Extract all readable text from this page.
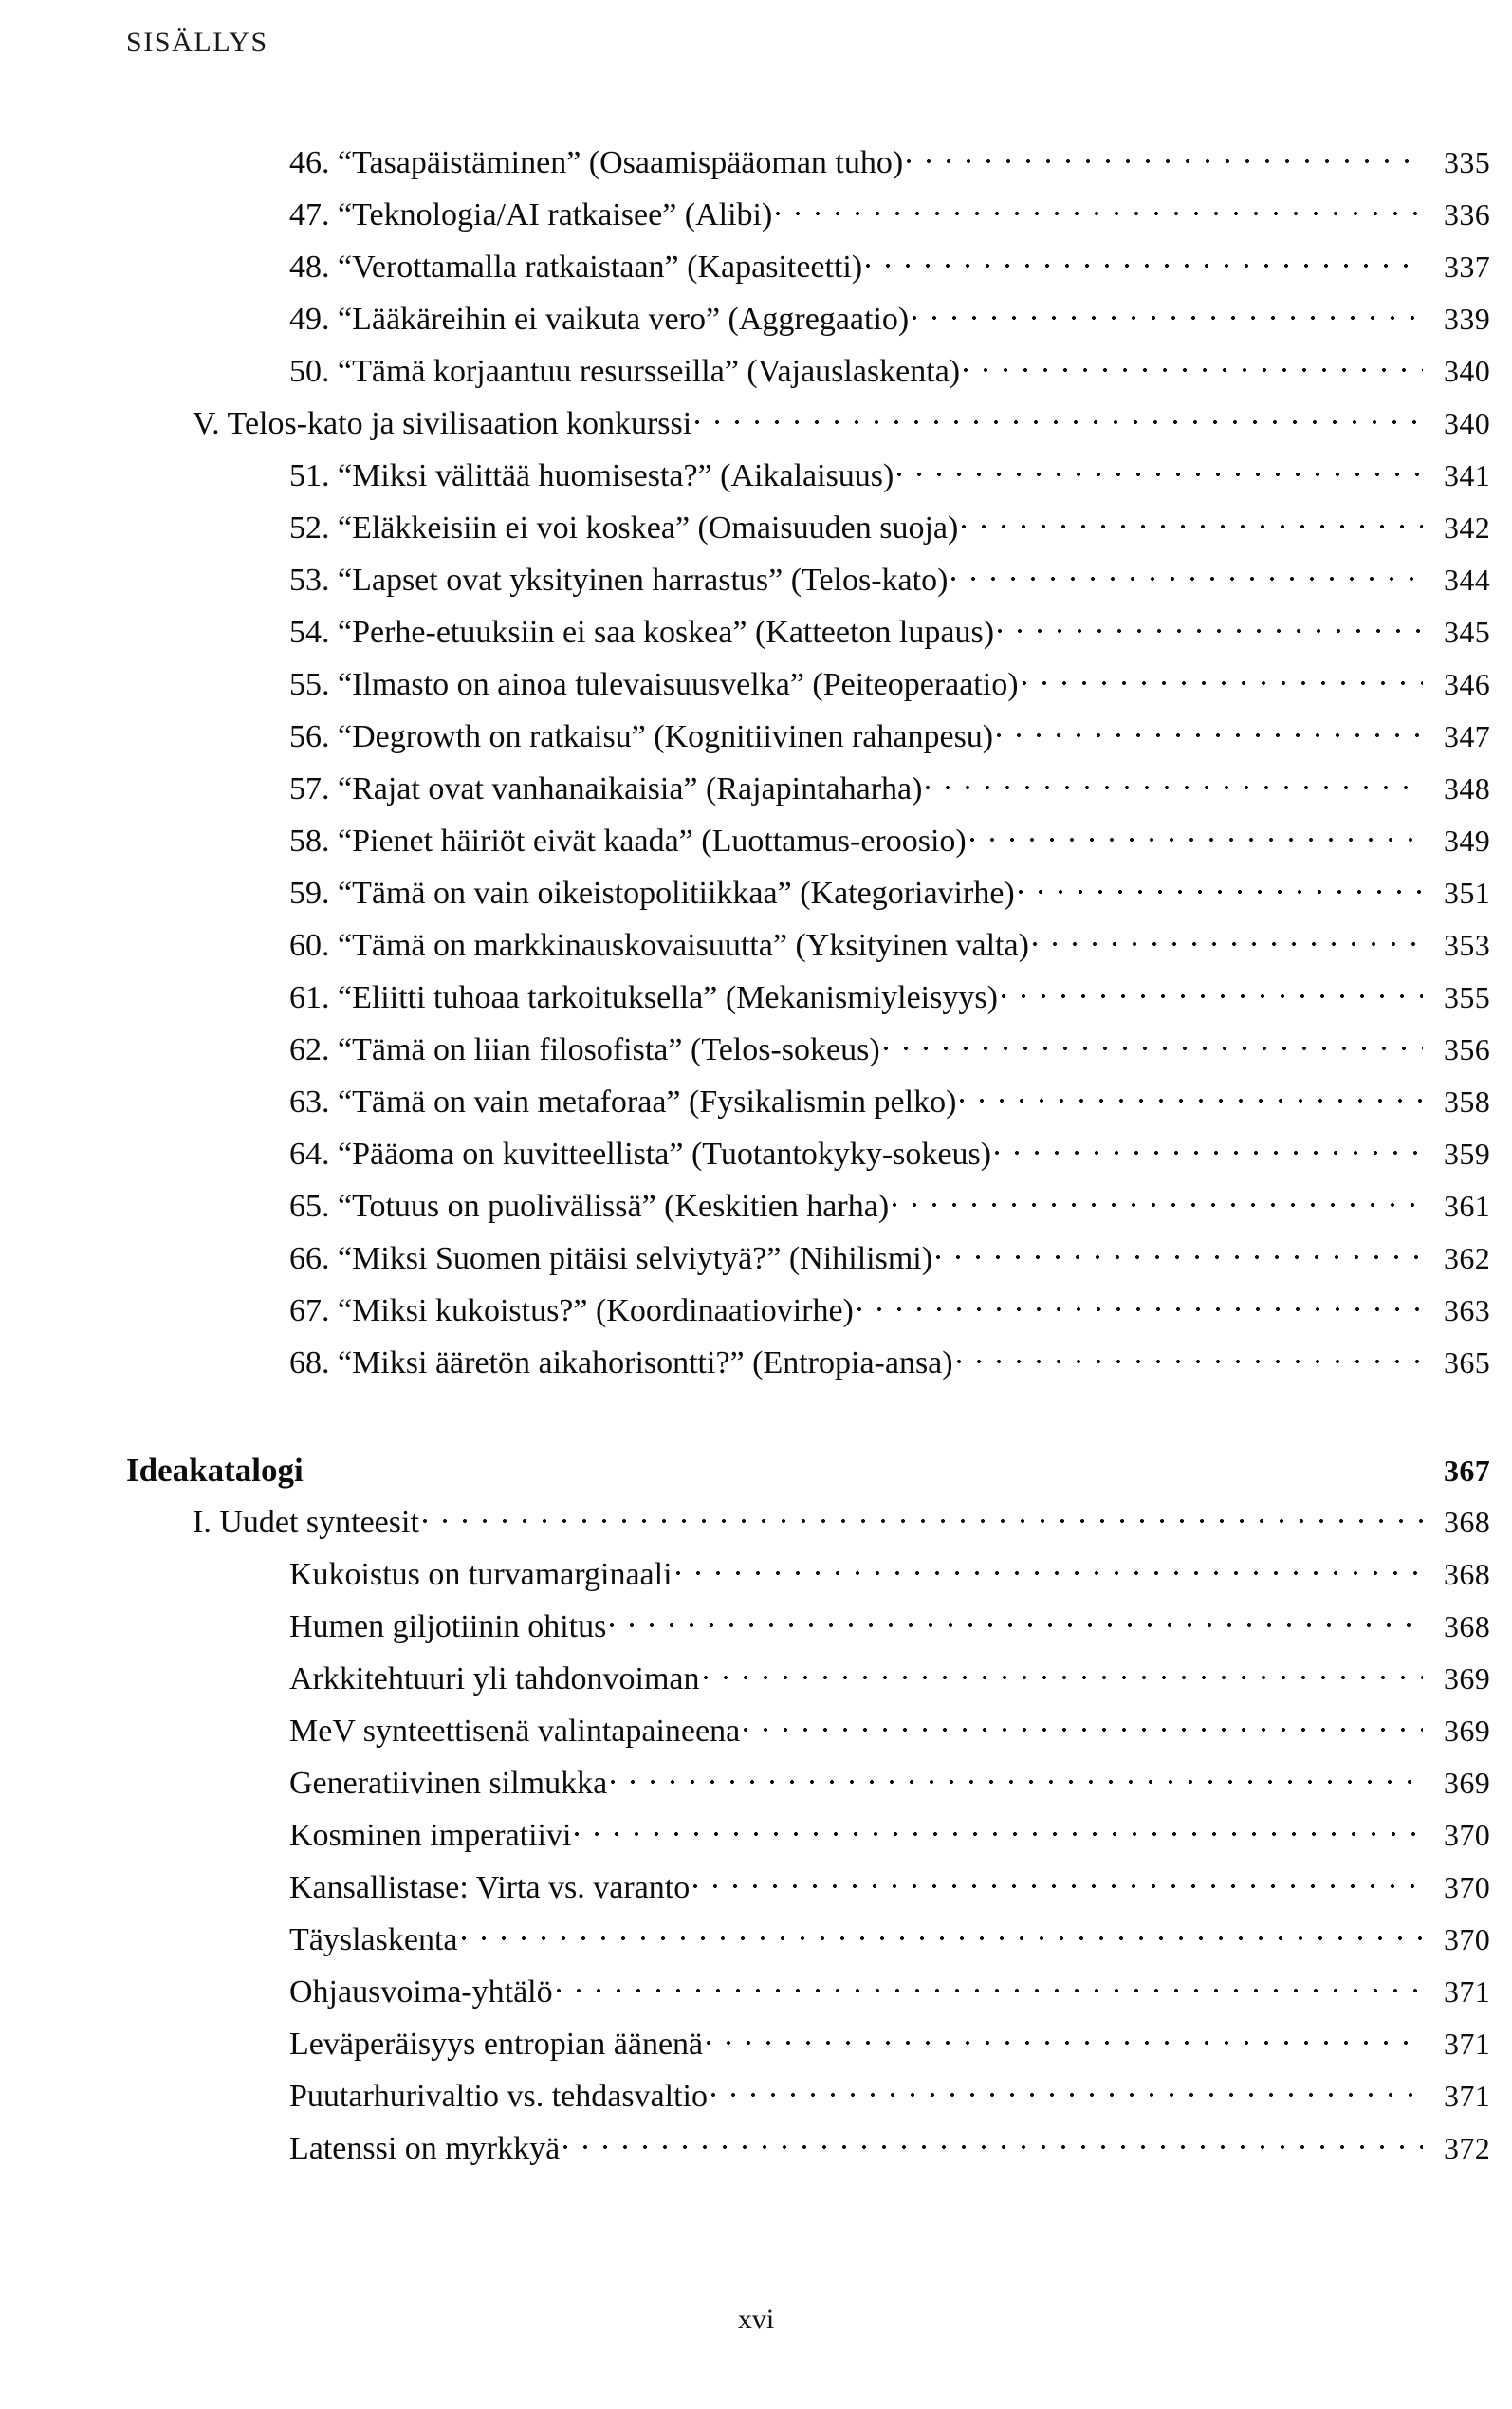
SISÄLLYS
46. “Tasapäistäminen” (Osaamispääoman tuho)	335
47. “Teknologia/AI ratkaisee” (Alibi)	336
48. “Verottamalla ratkaistaan” (Kapasiteetti)	337
49. “Lääkäreihin ei vaikuta vero” (Aggregaatio)	339
50. “Tämä korjaantuu resursseilla” (Vajauslaskenta)	340
V. Telos-kato ja sivilisaation konkurssi	340
51. “Miksi välittää huomisesta?” (Aikalaisuus)	341
52. “Eläkkeisiin ei voi koskea” (Omaisuuden suoja)	342
53. “Lapset ovat yksityinen harrastus” (Telos-kato)	344
54. “Perhe-etuuksiin ei saa koskea” (Katteeton lupaus)	345
55. “Ilmasto on ainoa tulevaisuusvelka” (Peiteoperaatio)	346
56. “Degrowth on ratkaisu” (Kognitiivinen rahanpesu)	347
57. “Rajat ovat vanhanaikaisia” (Rajapintaharha)	348
58. “Pienet häiriöt eivät kaada” (Luottamus-eroosio)	349
59. “Tämä on vain oikeistopolitiikkaa” (Kategoriavirhe)	351
60. “Tämä on markkinauskovaisuutta” (Yksityinen valta)	353
61. “Eliitti tuhoaa tarkoituksella” (Mekanismiyleisyys)	355
62. “Tämä on liian filosofista” (Telos-sokeus)	356
63. “Tämä on vain metaforaa” (Fysikalismin pelko)	358
64. “Pääoma on kuvitteellista” (Tuotantokyky-sokeus)	359
65. “Totuus on puolivälissä” (Keskitien harha)	361
66. “Miksi Suomen pitäisi selviytyä?” (Nihilismi)	362
67. “Miksi kukoistus?” (Koordinaatiovirhe)	363
68. “Miksi ääretön aikahorisontti?” (Entropia-ansa)	365
Ideakatalogi	367
I. Uudet synteesit	368
Kukoistus on turvamarginaali	368
Humen giljotiinin ohitus	368
Arkkitehtuuri yli tahdonvoiman	369
MeV synteettisenä valintapaineena	369
Generatiivinen silmukka	369
Kosminen imperatiivi	370
Kansallistase: Virta vs. varanto	370
Täyslaskenta	370
Ohjausvoima-yhtälö	371
Leväperäisyys entropian äänenä	371
Puutarhurivaltio vs. tehdasvaltio	371
Latenssi on myrkkyä	372
xvi
